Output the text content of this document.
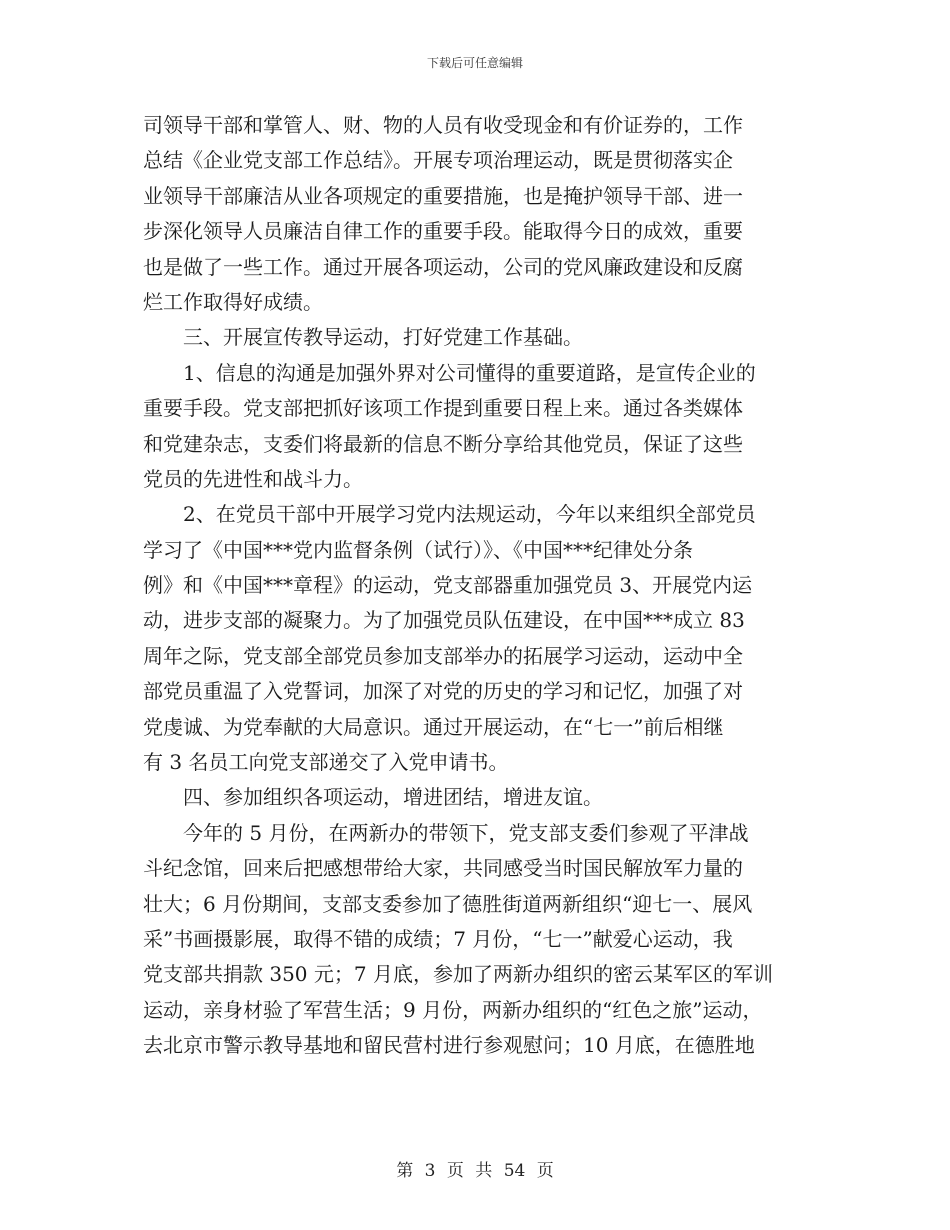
下载后可任意编辑
司领导干部和掌管人、财、物的人员有收受现金和有价证券的，工作
总结《企业党支部工作总结》。开展专项治理运动，既是贯彻落实企
业领导干部廉洁从业各项规定的重要措施，也是掩护领导干部、进一
步深化领导人员廉洁自律工作的重要手段。能取得今日的成效，重要
也是做了一些工作。通过开展各项运动，公司的党风廉政建设和反腐
烂工作取得好成绩。
三、开展宣传教导运动，打好党建工作基础。
1、信息的沟通是加强外界对公司懂得的重要道路，是宣传企业的
重要手段。党支部把抓好该项工作提到重要日程上来。通过各类媒体
和党建杂志，支委们将最新的信息不断分享给其他党员，保证了这些
党员的先进性和战斗力。
2、在党员干部中开展学习党内法规运动，今年以来组织全部党员
学习了《中国***党内监督条例（试行）》、《中国***纪律处分条
例》和《中国***章程》的运动，党支部器重加强党员 3、开展党内运
动，进步支部的凝聚力。为了加强党员队伍建设，在中国***成立 83
周年之际，党支部全部党员参加支部举办的拓展学习运动，运动中全
部党员重温了入党誓词，加深了对党的历史的学习和记忆，加强了对
党虔诚、为党奉献的大局意识。通过开展运动，在“七一”前后相继
有 3 名员工向党支部递交了入党申请书。
四、参加组织各项运动，增进团结，增进友谊。
今年的 5 月份，在两新办的带领下，党支部支委们参观了平津战
斗纪念馆，回来后把感想带给大家，共同感受当时国民解放军力量的
壮大；6 月份期间，支部支委参加了德胜街道两新组织“迎七一、展风
采”书画摄影展，取得不错的成绩；7 月份，“七一”献爱心运动，我
党支部共捐款 350 元；7 月底，参加了两新办组织的密云某军区的军训
运动，亲身材验了军营生活；9 月份，两新办组织的“红色之旅”运动，
去北京市警示教导基地和留民营村进行参观慰问；10 月底，在德胜地
第 3 页 共 54 页
